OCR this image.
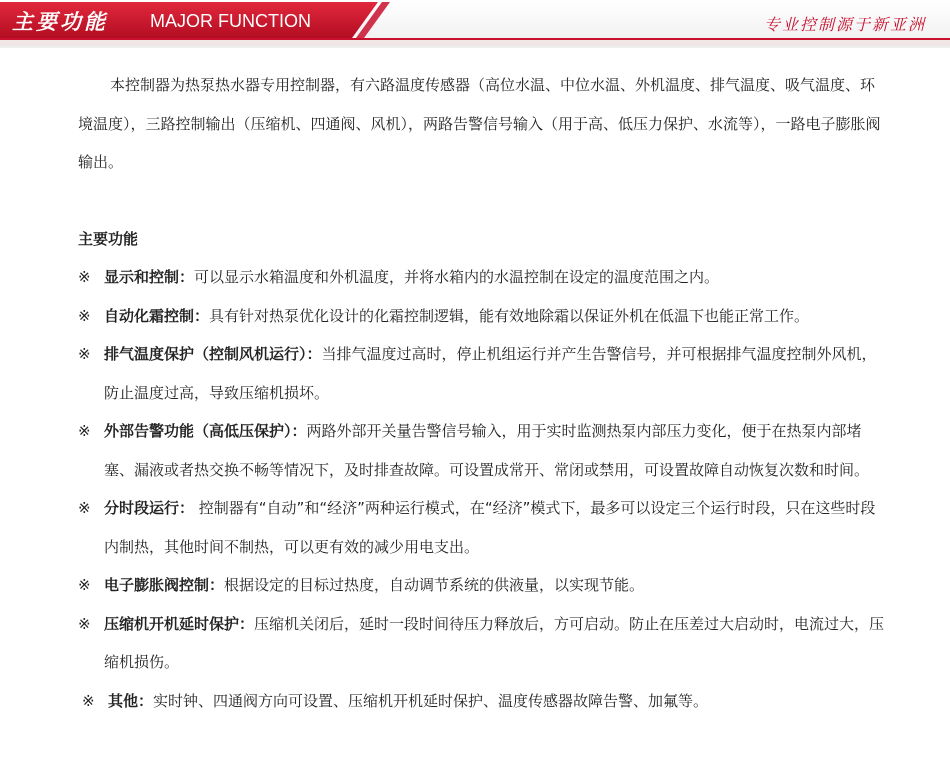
主要功能 MAJOR FUNCTION	专业控制源于新亚洲

本控制器为热泵热水器专用控制器，有六路温度传感器（高位水温、中位水温、外机温度、排气温度、吸气温度、环境温度），三路控制输出（压缩机、四通阀、风机），两路告警信号输入（用于高、低压力保护、水流等），一路电子膨胀阀输出。

主要功能
※ 显示和控制：可以显示水箱温度和外机温度，并将水箱内的水温控制在设定的温度范围之内。
※ 自动化霜控制：具有针对热泵优化设计的化霜控制逻辑，能有效地除霜以保证外机在低温下也能正常工作。
※ 排气温度保护（控制风机运行）：当排气温度过高时，停止机组运行并产生告警信号，并可根据排气温度控制外风机，防止温度过高，导致压缩机损坏。
※ 外部告警功能（高低压保护）：两路外部开关量告警信号输入，用于实时监测热泵内部压力变化，便于在热泵内部堵塞、漏液或者热交换不畅等情况下，及时排查故障。可设置成常开、常闭或禁用，可设置故障自动恢复次数和时间。
※ 分时段运行： 控制器有“自动”和“经济”两种运行模式，在“经济”模式下，最多可以设定三个运行时段，只在这些时段内制热，其他时间不制热，可以更有效的减少用电支出。
※ 电子膨胀阀控制：根据设定的目标过热度，自动调节系统的供液量，以实现节能。
※ 压缩机开机延时保护：压缩机关闭后，延时一段时间待压力释放后，方可启动。防止在压差过大启动时，电流过大，压缩机损伤。
※ 其他：实时钟、四通阀方向可设置、压缩机开机延时保护、温度传感器故障告警、加氟等。
